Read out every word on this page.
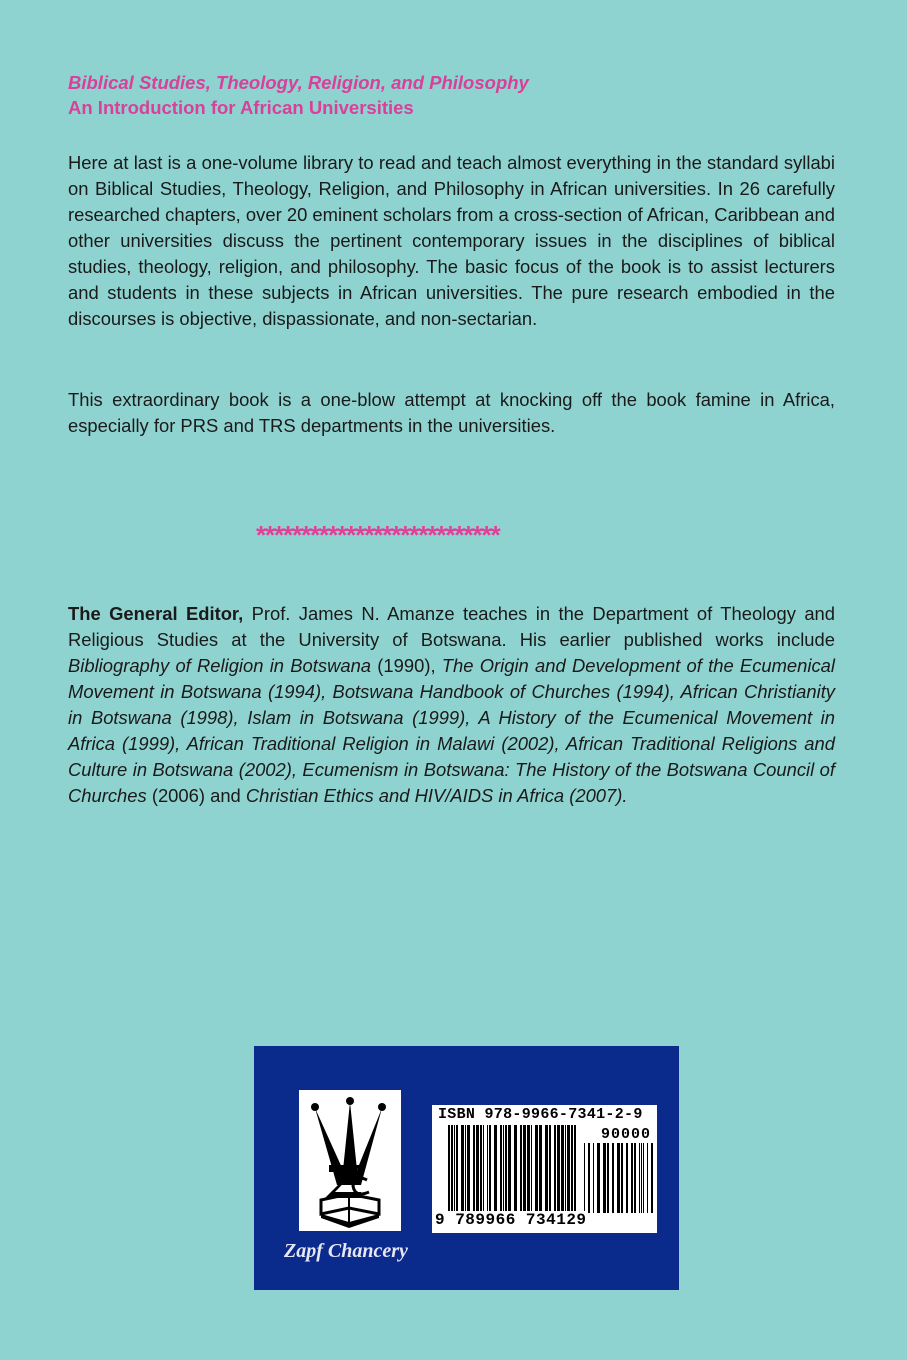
Biblical Studies, Theology, Religion, and Philosophy
An Introduction for African Universities
Here at last is a one-volume library to read and teach almost everything in the standard syllabi on Biblical Studies, Theology, Religion, and Philosophy in African universities. In 26 carefully researched chapters, over 20 eminent scholars from a cross-section of African, Caribbean and other universities discuss the pertinent contemporary issues in the disciplines of biblical studies, theology, religion, and philosophy. The basic focus of the book is to assist lecturers and students in these subjects in African universities. The pure research embodied in the discourses is objective, dispassionate, and non-sectarian.
This extraordinary book is a one-blow attempt at knocking off the book famine in Africa, especially for PRS and TRS departments in the universities.
***************************
The General Editor, Prof. James N. Amanze teaches in the Department of Theology and Religious Studies at the University of Botswana. His earlier published works include Bibliography of Religion in Botswana (1990), The Origin and Development of the Ecumenical Movement in Botswana (1994), Botswana Handbook of Churches (1994), African Christianity in Botswana (1998), Islam in Botswana (1999), A History of the Ecumenical Movement in Africa (1999), African Traditional Religion in Malawi (2002), African Traditional Religions and Culture in Botswana (2002), Ecumenism in Botswana: The History of the Botswana Council of Churches (2006) and Christian Ethics and HIV/AIDS in Africa (2007).
Zapf Chancery
ISBN 978-9966-7341-2-9
90000
9 789966 734129
